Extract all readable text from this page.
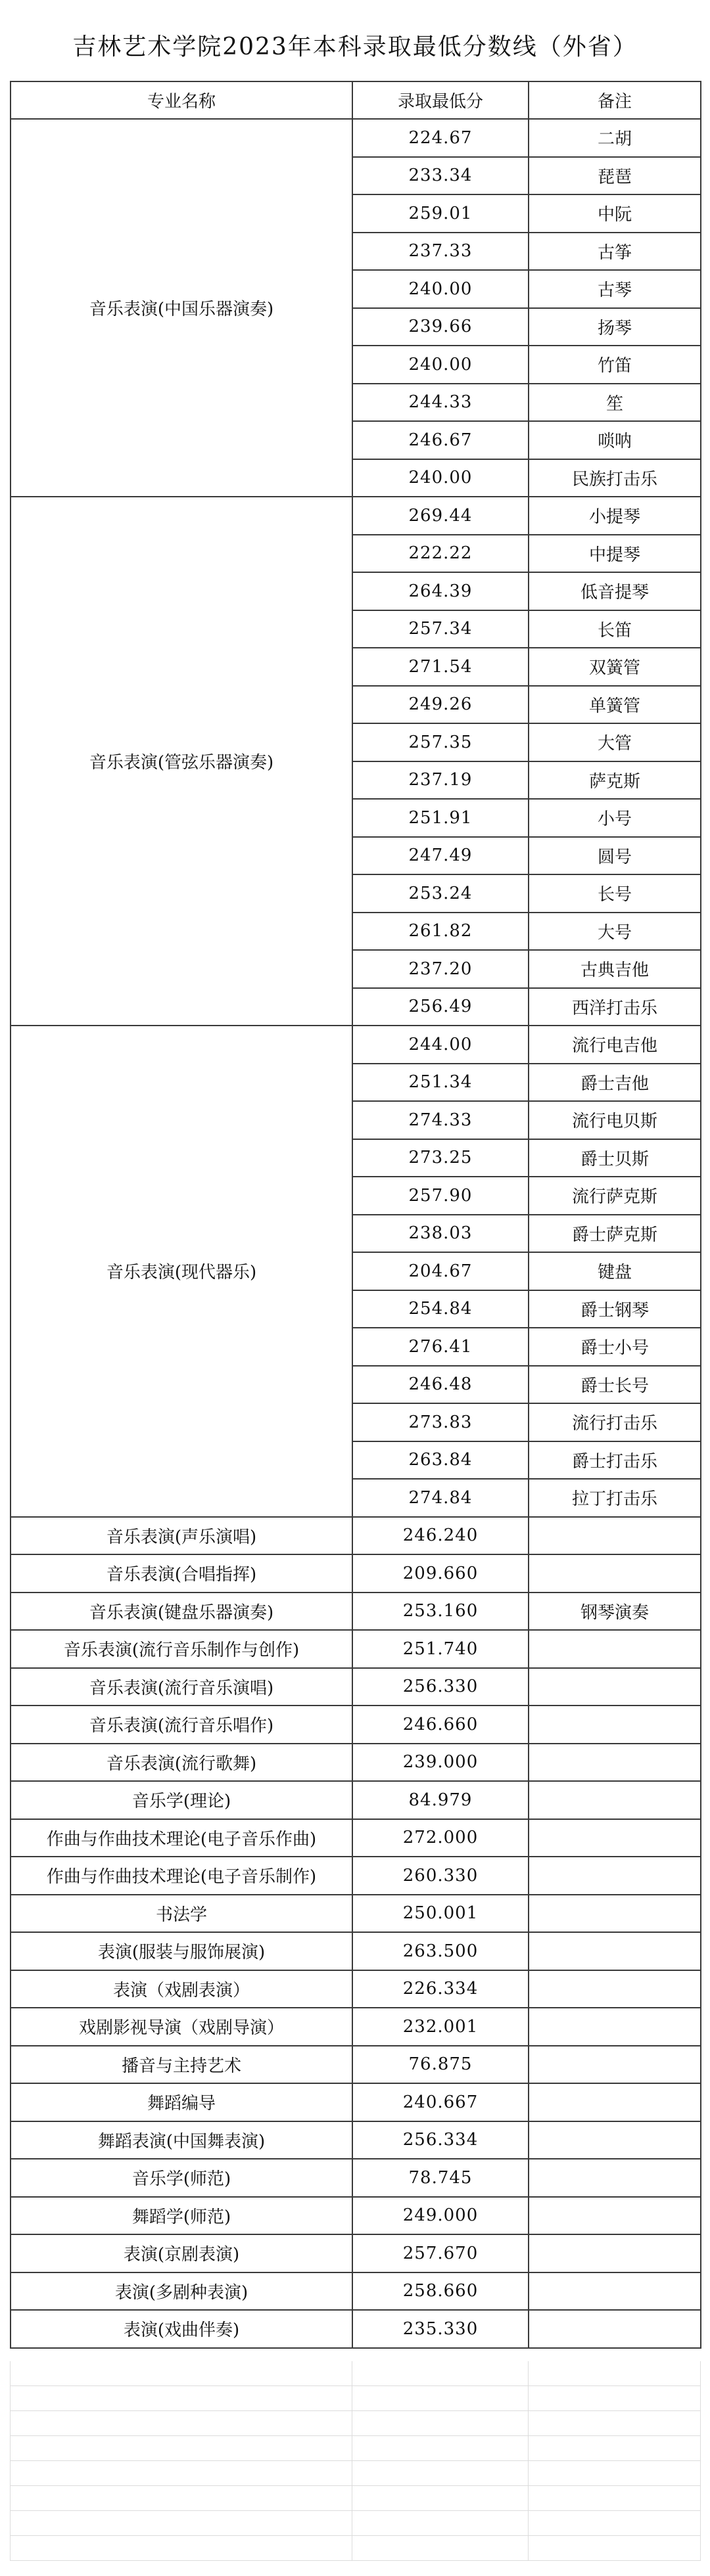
吉林艺术学院2023年本科录取最低分数线（外省）
专业名称	录取最低分	备注
音乐表演(中国乐器演奏)	224.67	二胡
	233.34	琵琶
	259.01	中阮
	237.33	古筝
	240.00	古琴
	239.66	扬琴
	240.00	竹笛
	244.33	笙
	246.67	唢呐
	240.00	民族打击乐
音乐表演(管弦乐器演奏)	269.44	小提琴
	222.22	中提琴
	264.39	低音提琴
	257.34	长笛
	271.54	双簧管
	249.26	单簧管
	257.35	大管
	237.19	萨克斯
	251.91	小号
	247.49	圆号
	253.24	长号
	261.82	大号
	237.20	古典吉他
	256.49	西洋打击乐
音乐表演(现代器乐)	244.00	流行电吉他
	251.34	爵士吉他
	274.33	流行电贝斯
	273.25	爵士贝斯
	257.90	流行萨克斯
	238.03	爵士萨克斯
	204.67	键盘
	254.84	爵士钢琴
	276.41	爵士小号
	246.48	爵士长号
	273.83	流行打击乐
	263.84	爵士打击乐
	274.84	拉丁打击乐
音乐表演(声乐演唱)	246.240	
音乐表演(合唱指挥)	209.660	
音乐表演(键盘乐器演奏)	253.160	钢琴演奏
音乐表演(流行音乐制作与创作)	251.740	
音乐表演(流行音乐演唱)	256.330	
音乐表演(流行音乐唱作)	246.660	
音乐表演(流行歌舞)	239.000	
音乐学(理论)	84.979	
作曲与作曲技术理论(电子音乐作曲)	272.000	
作曲与作曲技术理论(电子音乐制作)	260.330	
书法学	250.001	
表演(服装与服饰展演)	263.500	
表演（戏剧表演）	226.334	
戏剧影视导演（戏剧导演）	232.001	
播音与主持艺术	76.875	
舞蹈编导	240.667	
舞蹈表演(中国舞表演)	256.334	
音乐学(师范)	78.745	
舞蹈学(师范)	249.000	
表演(京剧表演)	257.670	
表演(多剧种表演)	258.660	
表演(戏曲伴奏)	235.330	
